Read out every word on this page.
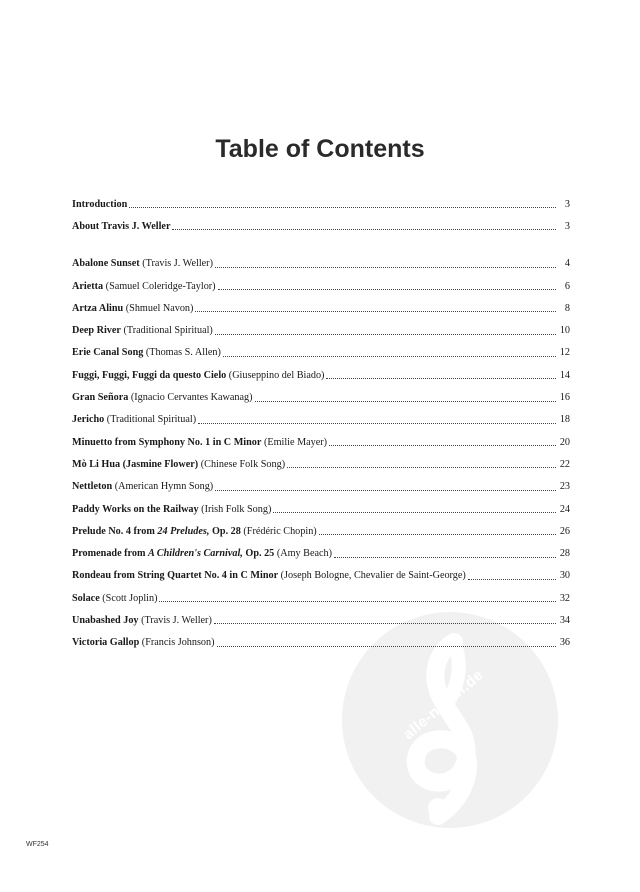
alle-noten.de
Table of Contents
Introduction	3
About Travis J. Weller	3
Abalone Sunset (Travis J. Weller)	4
Arietta (Samuel Coleridge-Taylor)	6
Artza Alinu (Shmuel Navon)	8
Deep River (Traditional Spiritual)	10
Erie Canal Song (Thomas S. Allen)	12
Fuggi, Fuggi, Fuggi da questo Cielo (Giuseppino del Biado)	14
Gran Señora (Ignacio Cervantes Kawanag)	16
Jericho (Traditional Spiritual)	18
Minuetto from Symphony No. 1 in C Minor (Emilie Mayer)	20
Mò Li Hua (Jasmine Flower) (Chinese Folk Song)	22
Nettleton (American Hymn Song)	23
Paddy Works on the Railway (Irish Folk Song)	24
Prelude No. 4 from 24 Preludes, Op. 28 (Frédéric Chopin)	26
Promenade from A Children's Carnival, Op. 25 (Amy Beach)	28
Rondeau from String Quartet No. 4 in C Minor (Joseph Bologne, Chevalier de Saint-George)	30
Solace (Scott Joplin)	32
Unabashed Joy (Travis J. Weller)	34
Victoria Gallop (Francis Johnson)	36
WF254
